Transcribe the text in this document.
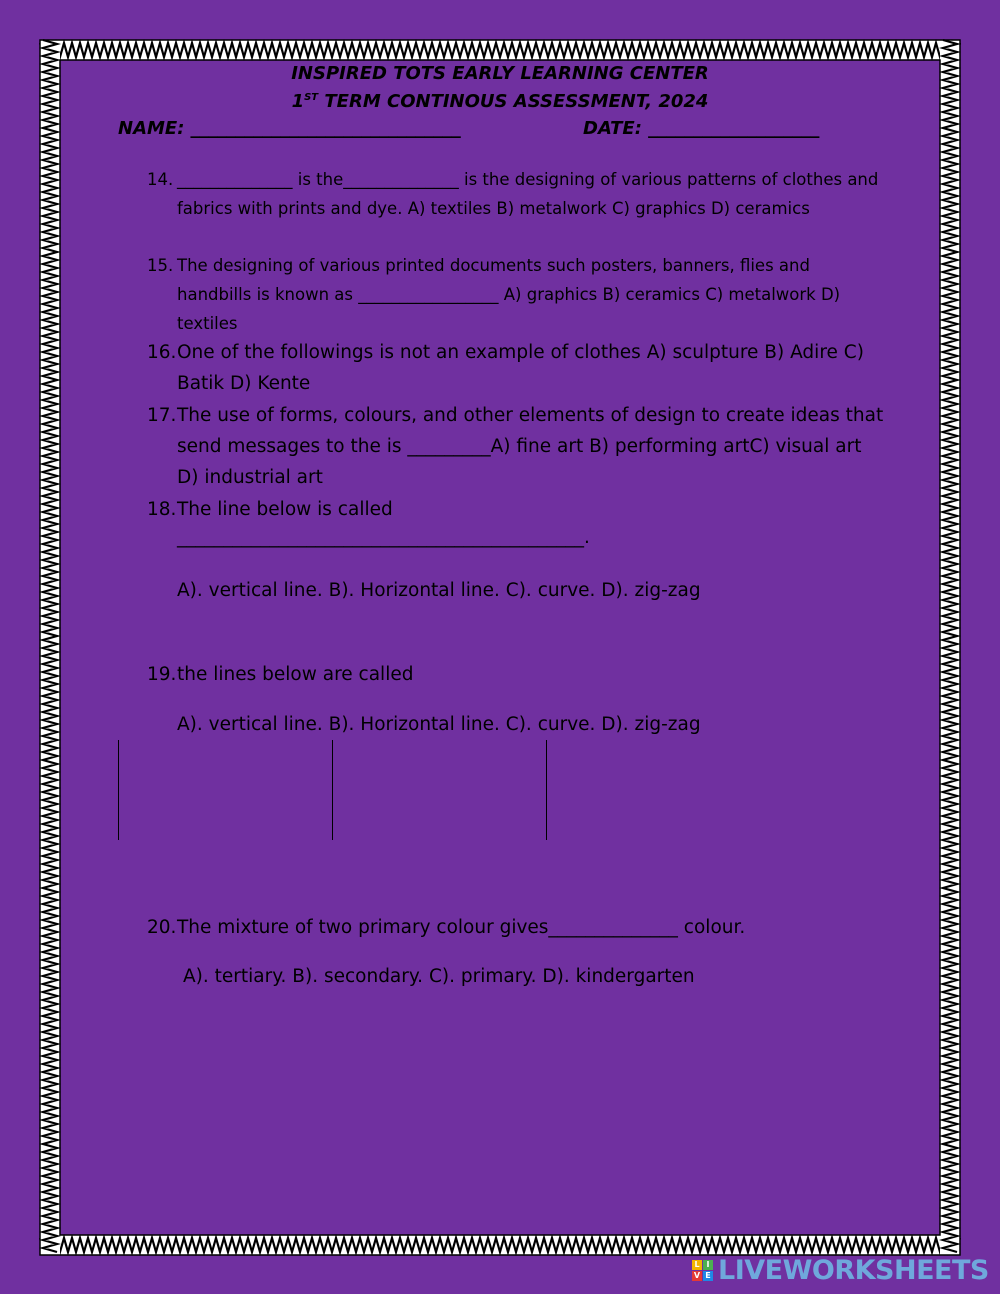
INSPIRED TOTS EARLY LEARNING CENTER
1ST TERM CONTINOUS ASSESSMENT, 2024
NAME: ______________________________	DATE: ___________________
14. ______________ is the______________ is the designing of various patterns of clothes and fabrics with prints and dye. A) textiles B) metalwork C) graphics D) ceramics
15. The designing of various printed documents such posters, banners, flies and handbills is known as _________________ A) graphics B) ceramics C) metalwork D) textiles
16. One of the followings is not an example of clothes A) sculpture B) Adire C) Batik D) Kente
17. The use of forms, colours, and other elements of design to create ideas that send messages to the is _________A) fine art B) performing artC) visual art D) industrial art
18. The line below is called
____________________________________________.
A). vertical line. B). Horizontal line. C). curve. D). zig-zag
19. the lines below are called
A). vertical line. B). Horizontal line. C). curve. D). zig-zag
20. The mixture of two primary colour gives______________ colour.
A). tertiary. B). secondary. C). primary. D). kindergarten
L I
V E LIVEWORKSHEETS
